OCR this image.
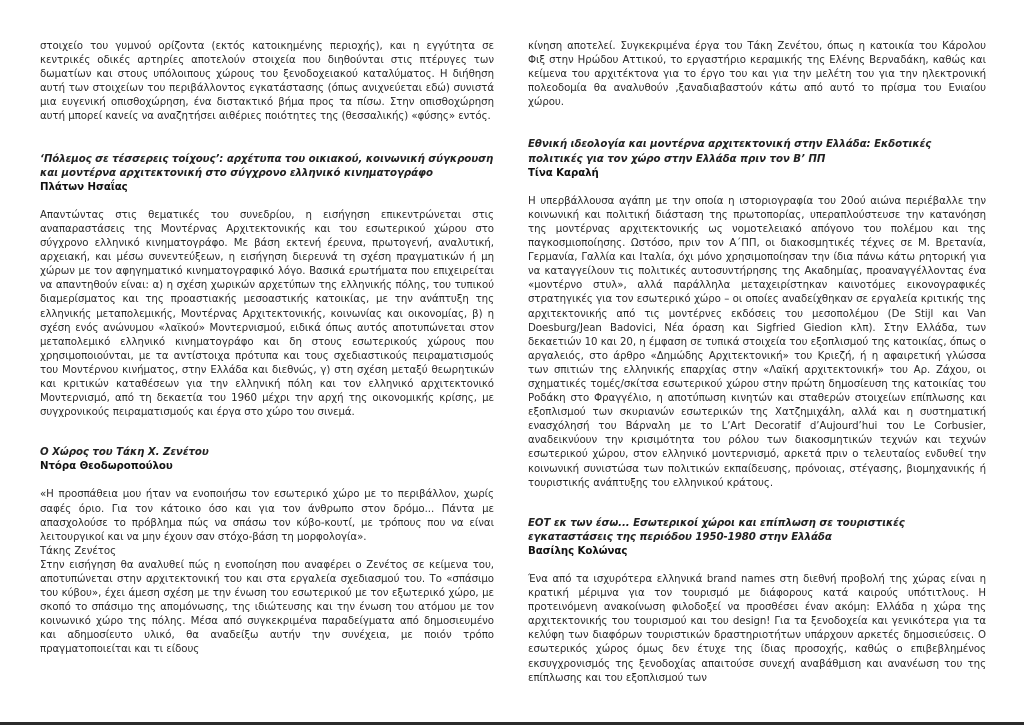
στοιχείο του γυμνού ορίζοντα (εκτός κατοικημένης περιοχής), και η εγγύτητα σε κεντρικές οδικές αρτηρίες αποτελούν στοιχεία που διηθούνται στις πτέρυγες των δωματίων και στους υπόλοιπους χώρους του ξενοδοχειακού καταλύματος. Η διήθηση αυτή των στοιχείων του περιβάλλοντος εγκατάστασης (όπως ανιχνεύεται εδώ) συνιστά μια ευγενική οπισθοχώρηση, ένα διστακτικό βήμα προς τα πίσω. Στην οπισθοχώρηση αυτή μπορεί κανείς να αναζητήσει αιθέριες ποιότητες της (θεσσαλικής) «φύσης» εντός.

‘Πόλεμος σε τέσσερεις τοίχους’: αρχέτυπα του οικιακού, κοινωνική σύγκρουση και μοντέρνα αρχιτεκτονική στο σύγχρονο ελληνικό κινηματογράφο
Πλάτων Ησαΐας

Απαντώντας στις θεματικές του συνεδρίου, η εισήγηση επικεντρώνεται στις αναπαραστάσεις της Μοντέρνας Αρχιτεκτονικής και του εσωτερικού χώρου στο σύγχρονο ελληνικό κινηματογράφο. Με βάση εκτενή έρευνα, πρωτογενή, αναλυτική, αρχειακή, και μέσω συνεντεύξεων, η εισήγηση διερευνά τη σχέση πραγματικών ή μη χώρων με τον αφηγηματικό κινηματογραφικό λόγο. Βασικά ερωτήματα που επιχειρείται να απαντηθούν είναι: α) η σχέση χωρικών αρχετύπων της ελληνικής πόλης, του τυπικού διαμερίσματος και της προαστιακής μεσοαστικής κατοικίας, με την ανάπτυξη της ελληνικής μεταπολεμικής, Μοντέρνας Αρχιτεκτονικής, κοινωνίας και οικονομίας, β) η σχέση ενός ανώνυμου «λαϊκού» Μοντερνισμού, ειδικά όπως αυτός αποτυπώνεται στον μεταπολεμικό ελληνικό κινηματογράφο και δη στους εσωτερικούς χώρους που χρησιμοποιούνται, με τα αντίστοιχα πρότυπα και τους σχεδιαστικούς πειραματισμούς του Μοντέρνου κινήματος, στην Ελλάδα και διεθνώς, γ) στη σχέση μεταξύ θεωρητικών και κριτικών καταθέσεων για την ελληνική πόλη και τον ελληνικό αρχιτεκτονικό Μοντερνισμό, από τη δεκαετία του 1960 μέχρι την αρχή της οικονομικής κρίσης, με συγχρονικούς πειραματισμούς και έργα στο χώρο του σινεμά.

Ο Χώρος του Τάκη Χ. Ζενέτου
Ντόρα Θεοδωροπούλου

«Η προσπάθεια μου ήταν να ενοποιήσω τον εσωτερικό χώρο με το περιβάλλον, χωρίς σαφές όριο. Για τον κάτοικο όσο και για τον άνθρωπο στον δρόμο... Πάντα με απασχολούσε το πρόβλημα πώς να σπάσω τον κύβο-κουτί, με τρόπους που να είναι λειτουργικοί και να μην έχουν σαν στόχο-βάση τη μορφολογία».

Τάκης Ζενέτος

Στην εισήγηση θα αναλυθεί πώς η ενοποίηση που αναφέρει ο Ζενέτος σε κείμενα του, αποτυπώνεται στην αρχιτεκτονική του και στα εργαλεία σχεδιασμού του. Το «σπάσιμο του κύβου», έχει άμεση σχέση με την ένωση του εσωτερικού με τον εξωτερικό χώρο, με σκοπό το σπάσιμο της απομόνωσης, της ιδιώτευσης και την ένωση του ατόμου με τον κοινωνικό χώρο της πόλης. Μέσα από συγκεκριμένα παραδείγματα από δημοσιευμένο και αδημοσίευτο υλικό, θα αναδείξω αυτήν την συνέχεια, με ποιόν τρόπο πραγματοποιείται και τι είδους

κίνηση αποτελεί. Συγκεκριμένα έργα του Τάκη Ζενέτου, όπως η κατοικία του Κάρολου Φιξ στην Ηρώδου Αττικού, το εργαστήριο κεραμικής της Ελένης Βερναδάκη, καθώς και κείμενα του αρχιτέκτονα για το έργο του και για την μελέτη του για την ηλεκτρονική πολεοδομία θα αναλυθούν ,ξαναδιαβαστούν κάτω από αυτό το πρίσμα του Ενιαίου χώρου.

Εθνική ιδεολογία και μοντέρνα αρχιτεκτονική στην Ελλάδα: Εκδοτικές πολιτικές για τον χώρο στην Ελλάδα πριν τον Β’ ΠΠ
Τίνα Καραλή

Η υπερβάλλουσα αγάπη με την οποία η ιστοριογραφία του 20ού αιώνα περιέβαλλε την κοινωνική και πολιτική διάσταση της πρωτοπορίας, υπεραπλούστευσε την κατανόηση της μοντέρνας αρχιτεκτονικής ως νομοτελειακό απόγονο του πολέμου και της παγκοσμιοποίησης. Ωστόσο, πριν τον Α΄ΠΠ, οι διακοσμητικές τέχνες σε Μ. Βρετανία, Γερμανία, Γαλλία και Ιταλία, όχι μόνο χρησιμοποίησαν την ίδια πάνω κάτω ρητορική για να καταγγείλουν τις πολιτικές αυτοσυντήρησης της Ακαδημίας, προαναγγέλλοντας ένα «μοντέρνο στυλ», αλλά παράλληλα μεταχειρίστηκαν καινοτόμες εικονογραφικές στρατηγικές για τον εσωτερικό χώρο – οι οποίες αναδείχθηκαν σε εργαλεία κριτικής της αρχιτεκτονικής από τις μοντέρνες εκδόσεις του μεσοπολέμου (De Stijl και Van Doesburg/Jean Badovici, Νέα όραση και Sigfried Giedion κλπ). Στην Ελλάδα, των δεκαετιών 10 και 20, η έμφαση σε τυπικά στοιχεία του εξοπλισμού της κατοικίας, όπως ο αργαλειός, στο άρθρο «Δημώδης Αρχιτεκτονική» του Κριεζή, ή η αφαιρετική γλώσσα των σπιτιών της ελληνικής επαρχίας στην «Λαϊκή αρχιτεκτονική» του Αρ. Ζάχου, οι σχηματικές τομές/σκίτσα εσωτερικού χώρου στην πρώτη δημοσίευση της κατοικίας του Ροδάκη στο Φραγγέλιο, η αποτύπωση κινητών και σταθερών στοιχείων επίπλωσης και εξοπλισμού των σκυριανών εσωτερικών της Χατζημιχάλη, αλλά και η συστηματική ενασχόλησή του Βάρναλη με το L’Art Decoratif d’Aujourd’hui του Le Corbusier, αναδεικνύουν την κρισιμότητα του ρόλου των διακοσμητικών τεχνών και τεχνών εσωτερικού χώρου, στον ελληνικό μοντερνισμό, αρκετά πριν ο τελευταίος ενδυθεί την κοινωνική συνιστώσα των πολιτικών εκπαίδευσης, πρόνοιας, στέγασης, βιομηχανικής ή τουριστικής ανάπτυξης του ελληνικού κράτους.

ΕΟΤ εκ των έσω... Εσωτερικοί χώροι και επίπλωση σε τουριστικές εγκαταστάσεις της περιόδου 1950-1980 στην Ελλάδα
Βασίλης Κολώνας

Ένα από τα ισχυρότερα ελληνικά brand names στη διεθνή προβολή της χώρας είναι η κρατική μέριμνα για τον τουρισμό με διάφορους κατά καιρούς υπότιτλους. Η προτεινόμενη ανακοίνωση φιλοδοξεί να προσθέσει έναν ακόμη: Ελλάδα η χώρα της αρχιτεκτονικής του τουρισμού και του design! Για τα ξενοδοχεία και γενικότερα για τα κελύφη των διαφόρων τουριστικών δραστηριοτήτων υπάρχουν αρκετές δημοσιεύσεις. Ο εσωτερικός χώρος όμως δεν έτυχε της ίδιας προσοχής, καθώς ο επιβεβλημένος εκσυγχρονισμός της ξενοδοχίας απαιτούσε συνεχή αναβάθμιση και ανανέωση του της επίπλωσης και του εξοπλισμού των
